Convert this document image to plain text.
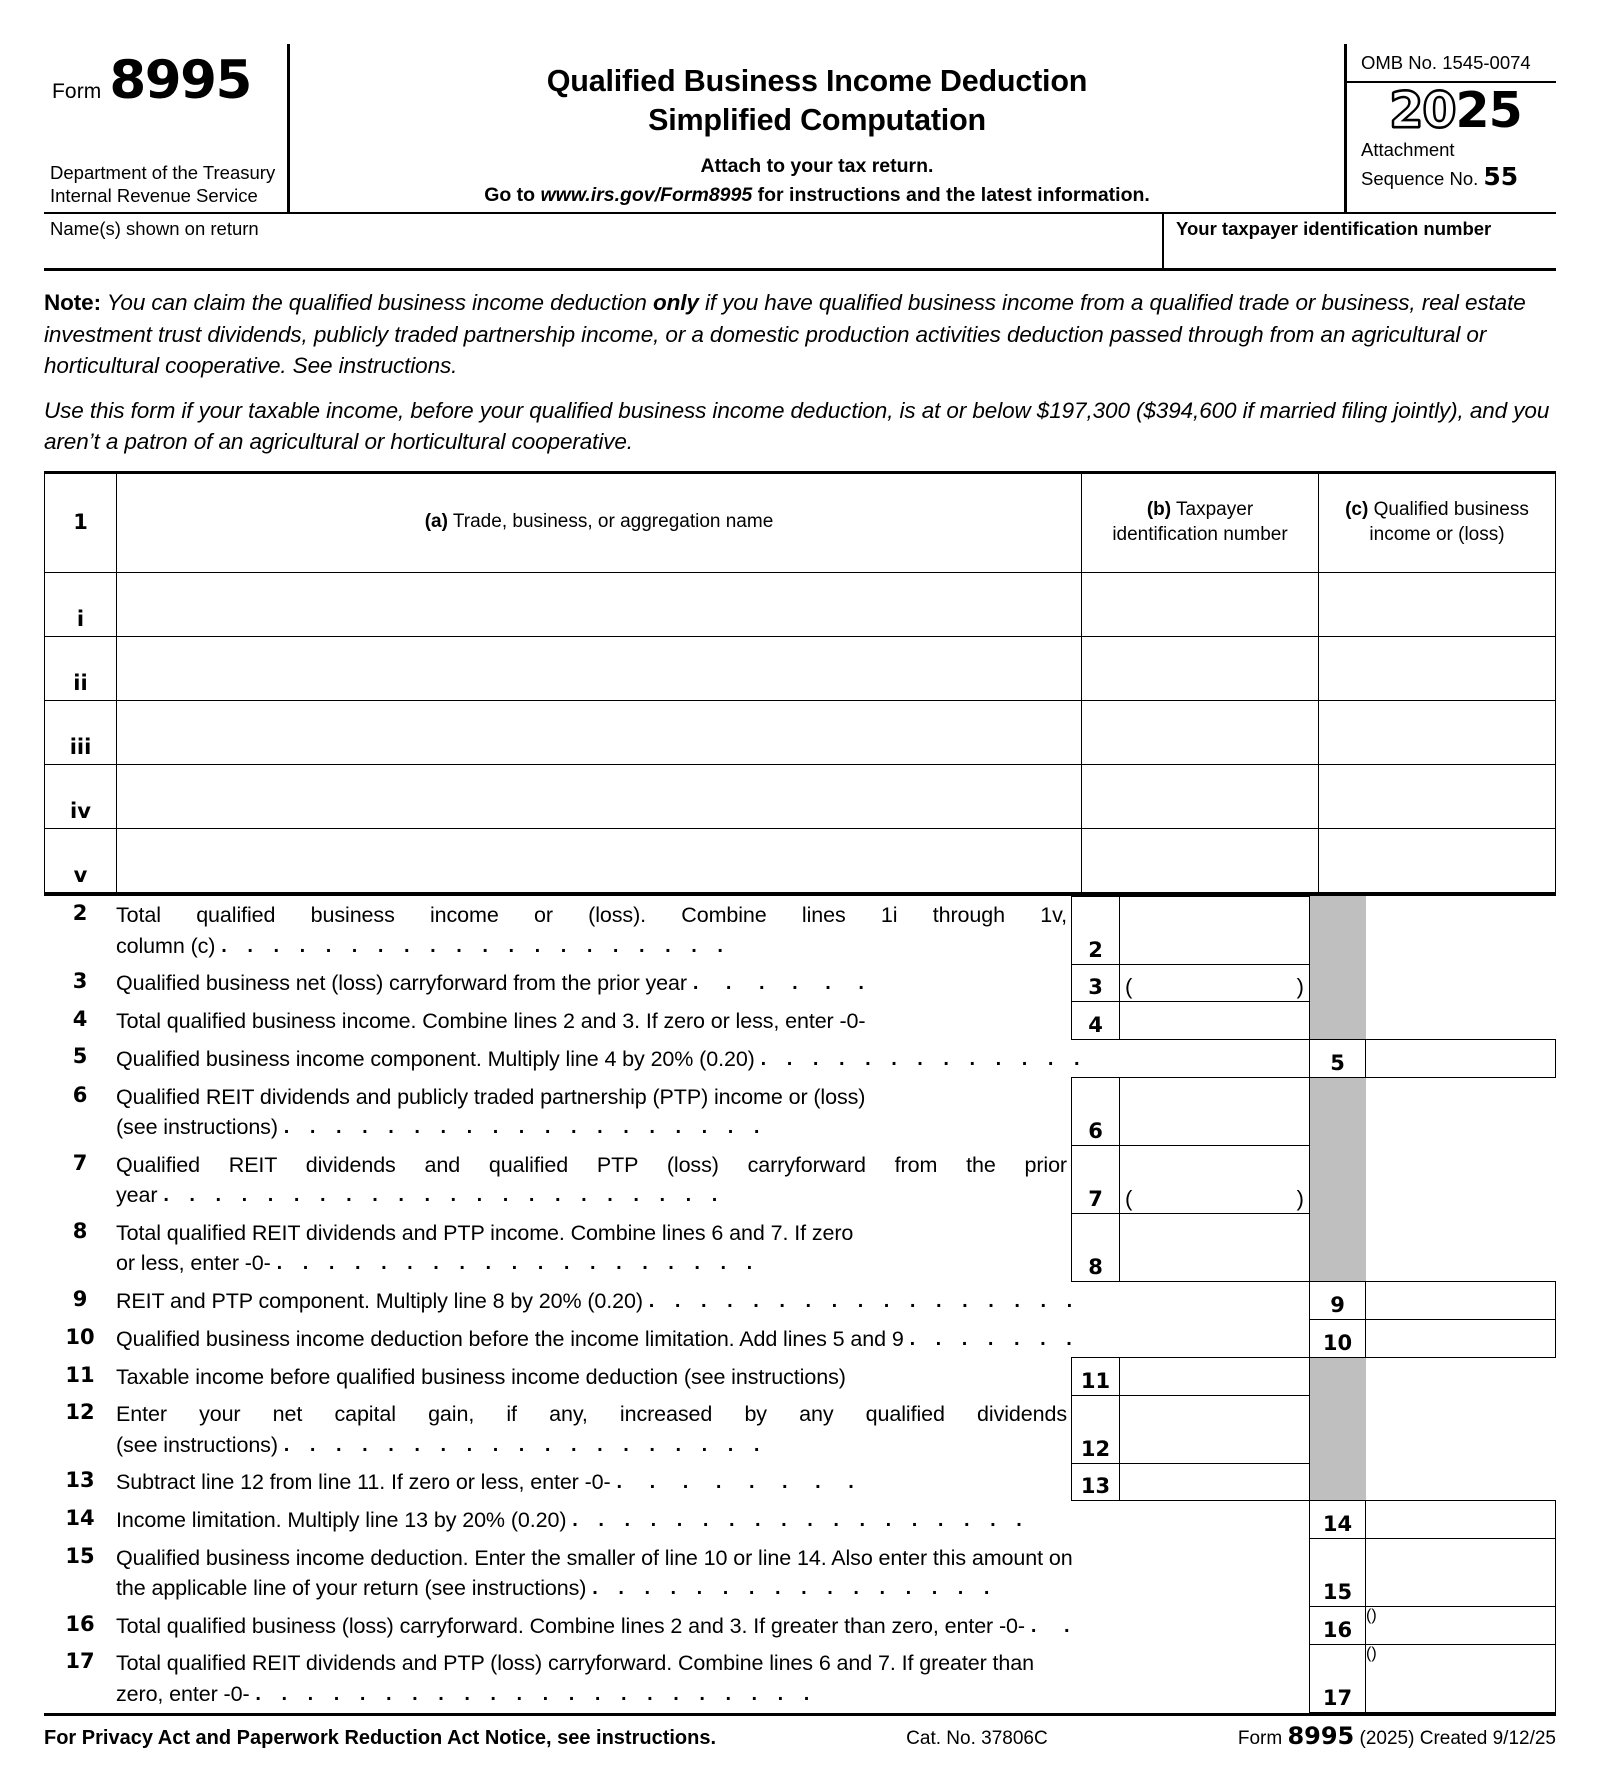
Form 8995
Department of the Treasury
Internal Revenue Service
Qualified Business Income Deduction
Simplified Computation
Attach to your tax return.
Go to www.irs.gov/Form8995 for instructions and the latest information.
OMB No. 1545-0074
2025
Attachment
Sequence No. 55
Name(s) shown on return	Your taxpayer identification number

Note: You can claim the qualified business income deduction only if you have qualified business income from a qualified trade or business, real estate investment trust dividends, publicly traded partnership income, or a domestic production activities deduction passed through from an agricultural or horticultural cooperative. See instructions.

Use this form if your taxable income, before your qualified business income deduction, is at or below $197,300 ($394,600 if married filing jointly), and you aren’t a patron of an agricultural or horticultural cooperative.

1	(a) Trade, business, or aggregation name	(b) Taxpayer
identification number	(c) Qualified business
income or (loss)
i			
ii			
iii			
iv			
v			
2	Total qualified business income or (loss). Combine lines 1i through 1v,
column (c) . . . . . . . . . . . . . . . . . . . .	2			
3	Qualified business net (loss) carryforward from the prior year . . . . . .	3	( )		

4	Total qualified business income. Combine lines 2 and 3. If zero or less, enter -0-	4			
5	Qualified business income component. Multiply line 4 by 20% (0.20) . . . . . . . . . . . . .			5	
6	Qualified REIT dividends and publicly traded partnership (PTP) income or (loss)
(see instructions) . . . . . . . . . . . . . . . . . . .	6			
7	Qualified REIT dividends and qualified PTP (loss) carryforward from the prior
year . . . . . . . . . . . . . . . . . . . . . .	7	(	)

8	Total qualified REIT dividends and PTP income. Combine lines 6 and 7. If zero
or less, enter -0- . . . . . . . . . . . . . . . . . . .	8			
9	REIT and PTP component. Multiply line 8 by 20% (0.20) . . . . . . . . . . . . . . . . .			9	
10	Qualified business income deduction before the income limitation. Add lines 5 and 9 . . . . . . .			10	
11	Taxable income before qualified business income deduction (see instructions)	11			
12	Enter your net capital gain, if any, increased by any qualified dividends
(see instructions) . . . . . . . . . . . . . . . . . . .	12			
13	Subtract line 12 from line 11. If zero or less, enter -0- . . . . . . . .	13			
14	Income limitation. Multiply line 13 by 20% (0.20) . . . . . . . . . . . . . . . . . .			14	
15	Qualified business income deduction. Enter the smaller of line 10 or line 14. Also enter this amount on
the applicable line of your return (see instructions) . . . . . . . . . . . . . . . .			15	
16	Total qualified business (loss) carryforward. Combine lines 2 and 3. If greater than zero, enter -0- . .			16	()
17	Total qualified REIT dividends and PTP (loss) carryforward. Combine lines 6 and 7. If greater than
zero, enter -0- . . . . . . . . . . . . . . . . . . . . . .			17	()
For Privacy Act and Paperwork Reduction Act Notice, see instructions.	Cat. No. 37806C	Form 8995 (2025) Created 9/12/25
